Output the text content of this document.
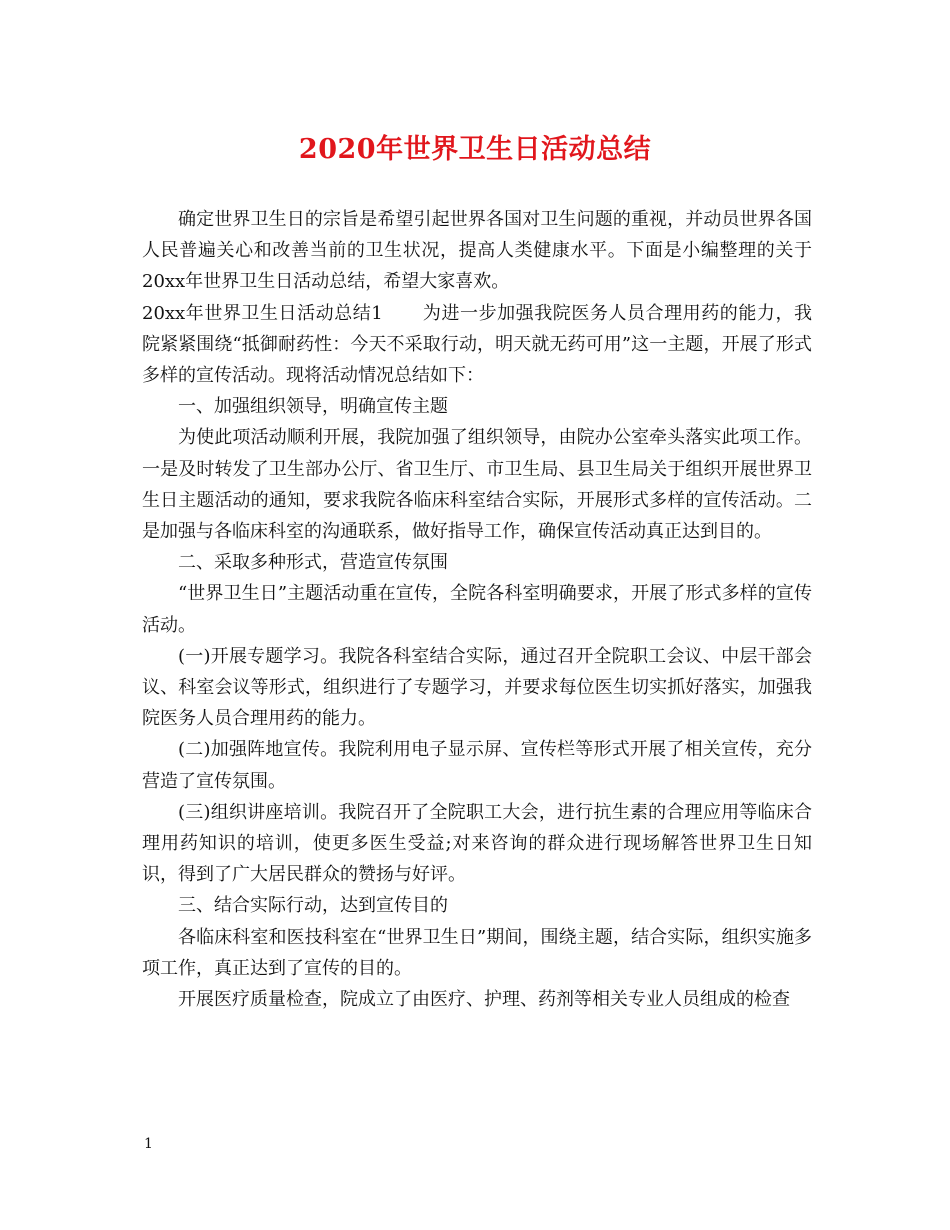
2020年世界卫生日活动总结

确定世界卫生日的宗旨是希望引起世界各国对卫生问题的重视，并动员世界各国人民普遍关心和改善当前的卫生状况，提高人类健康水平。下面是小编整理的关于20xx年世界卫生日活动总结，希望大家喜欢。

20xx年世界卫生日活动总结1 为进一步加强我院医务人员合理用药的能力，我院紧紧围绕“抵御耐药性：今天不采取行动，明天就无药可用”这一主题，开展了形式多样的宣传活动。现将活动情况总结如下：

一、加强组织领导，明确宣传主题

为使此项活动顺利开展，我院加强了组织领导，由院办公室牵头落实此项工作。一是及时转发了卫生部办公厅、省卫生厅、市卫生局、县卫生局关于组织开展世界卫生日主题活动的通知，要求我院各临床科室结合实际，开展形式多样的宣传活动。二是加强与各临床科室的沟通联系，做好指导工作，确保宣传活动真正达到目的。

二、采取多种形式，营造宣传氛围

“世界卫生日”主题活动重在宣传，全院各科室明确要求，开展了形式多样的宣传活动。

(一)开展专题学习。我院各科室结合实际，通过召开全院职工会议、中层干部会议、科室会议等形式，组织进行了专题学习，并要求每位医生切实抓好落实，加强我院医务人员合理用药的能力。

(二)加强阵地宣传。我院利用电子显示屏、宣传栏等形式开展了相关宣传，充分营造了宣传氛围。

(三)组织讲座培训。我院召开了全院职工大会，进行抗生素的合理应用等临床合理用药知识的培训，使更多医生受益;对来咨询的群众进行现场解答世界卫生日知识，得到了广大居民群众的赞扬与好评。

三、结合实际行动，达到宣传目的

各临床科室和医技科室在“世界卫生日”期间，围绕主题，结合实际，组织实施多项工作，真正达到了宣传的目的。

开展医疗质量检查，院成立了由医疗、护理、药剂等相关专业人员组成的检查

1
